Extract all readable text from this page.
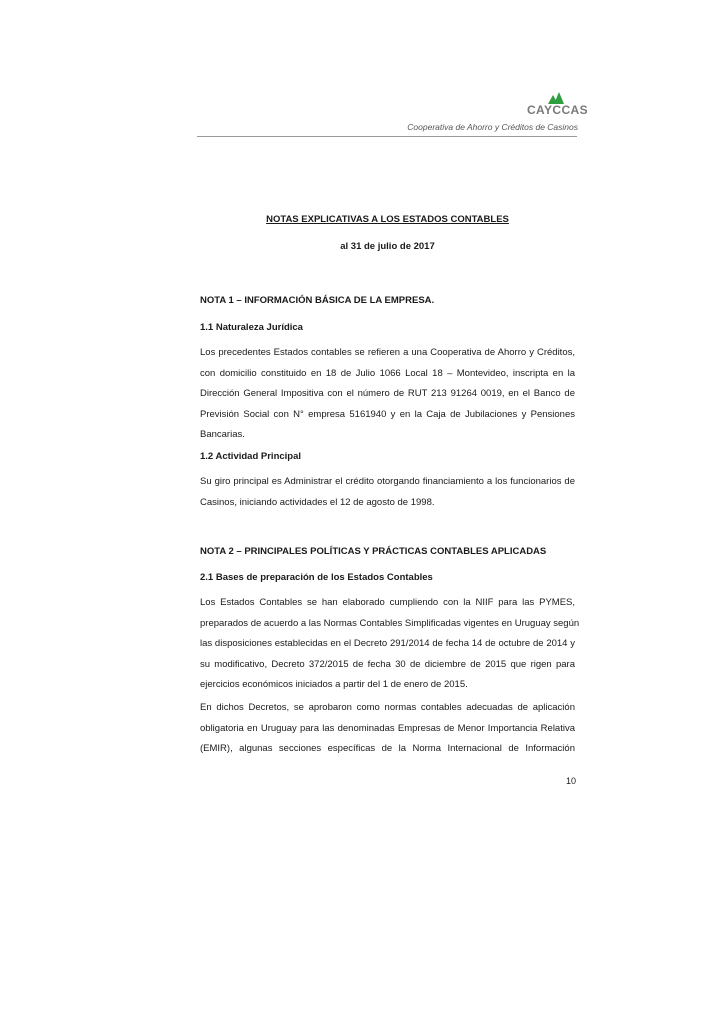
CAYCCAS
Cooperativa de Ahorro y Créditos de Casinos
NOTAS EXPLICATIVAS A LOS ESTADOS CONTABLES
al 31 de julio de 2017
NOTA 1 – INFORMACIÓN BÁSICA DE LA EMPRESA.
1.1 Naturaleza Jurídica
Los precedentes Estados contables se refieren a una Cooperativa de Ahorro y Créditos,
con domicilio constituido en 18 de Julio 1066 Local 18 – Montevideo, inscripta en la
Dirección General Impositiva con el número de RUT 213 91264 0019, en el Banco de
Previsión Social con N° empresa 5161940 y en la Caja de Jubilaciones y Pensiones
Bancarias.
1.2 Actividad Principal
Su giro principal es Administrar el crédito otorgando financiamiento a los funcionarios de
Casinos, iniciando actividades el 12 de agosto de 1998.
NOTA 2 – PRINCIPALES POLÍTICAS Y PRÁCTICAS CONTABLES APLICADAS
2.1 Bases de preparación de los Estados Contables
Los Estados Contables se han elaborado cumpliendo con la NIIF para las PYMES,
preparados de acuerdo a las Normas Contables Simplificadas vigentes en Uruguay según
las disposiciones establecidas en el Decreto 291/2014 de fecha 14 de octubre de 2014 y
su modificativo, Decreto 372/2015 de fecha 30 de diciembre de 2015 que rigen para
ejercicios económicos iniciados a partir del 1 de enero de 2015.
En dichos Decretos, se aprobaron como normas contables adecuadas de aplicación
obligatoria en Uruguay para las denominadas Empresas de Menor Importancia Relativa
(EMIR), algunas secciones específicas de la Norma Internacional de Información
10
